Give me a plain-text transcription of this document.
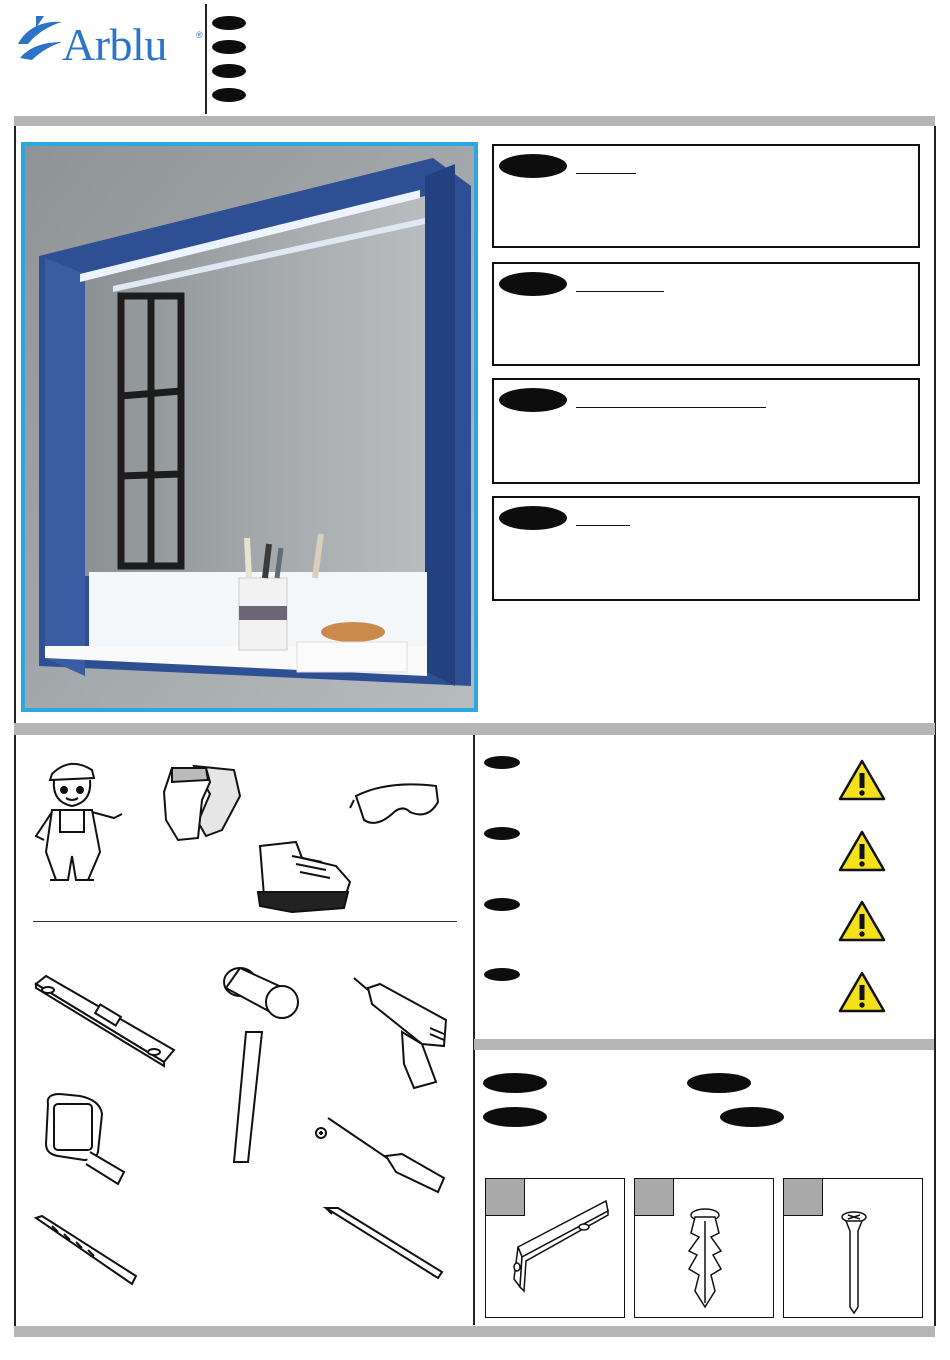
Arblu	®
